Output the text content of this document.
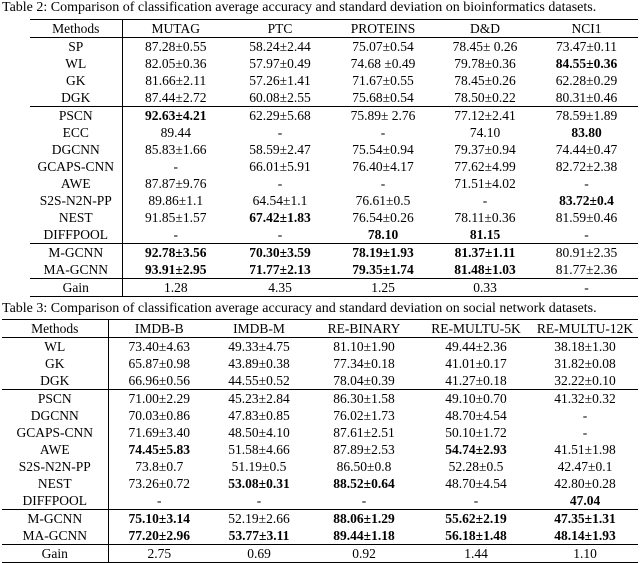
Table 2: Comparison of classification average accuracy and standard deviation on bioinformatics datasets.

Methods	MUTAG	PTC	PROTEINS	D&D	NCI1
SP	87.28±0.55	58.24±2.44	75.07±0.54	78.45± 0.26	73.47±0.11
WL	82.05±0.36	57.97±0.49	74.68 ±0.49	79.78±0.36	84.55±0.36
GK	81.66±2.11	57.26±1.41	71.67±0.55	78.45±0.26	62.28±0.29
DGK	87.44±2.72	60.08±2.55	75.68±0.54	78.50±0.22	80.31±0.46
PSCN	92.63±4.21	62.29±5.68	75.89± 2.76	77.12±2.41	78.59±1.89
ECC	89.44	-	-	74.10	83.80
DGCNN	85.83±1.66	58.59±2.47	75.54±0.94	79.37±0.94	74.44±0.47
GCAPS-CNN	-	66.01±5.91	76.40±4.17	77.62±4.99	82.72±2.38
AWE	87.87±9.76	-	-	71.51±4.02	-
S2S-N2N-PP	89.86±1.1	64.54±1.1	76.61±0.5	-	83.72±0.4
NEST	91.85±1.57	67.42±1.83	76.54±0.26	78.11±0.36	81.59±0.46
DIFFPOOL	-	-	78.10	81.15	-
M-GCNN	92.78±3.56	70.30±3.59	78.19±1.93	81.37±1.11	80.91±2.35
MA-GCNN	93.91±2.95	71.77±2.13	79.35±1.74	81.48±1.03	81.77±2.36
Gain	1.28	4.35	1.25	0.33	-

Table 3: Comparison of classification average accuracy and standard deviation on social network datasets.

Methods	IMDB-B	IMDB-M	RE-BINARY	RE-MULTU-5K	RE-MULTU-12K
WL	73.40±4.63	49.33±4.75	81.10±1.90	49.44±2.36	38.18±1.30
GK	65.87±0.98	43.89±0.38	77.34±0.18	41.01±0.17	31.82±0.08
DGK	66.96±0.56	44.55±0.52	78.04±0.39	41.27±0.18	32.22±0.10
PSCN	71.00±2.29	45.23±2.84	86.30±1.58	49.10±0.70	41.32±0.32
DGCNN	70.03±0.86	47.83±0.85	76.02±1.73	48.70±4.54	-
GCAPS-CNN	71.69±3.40	48.50±4.10	87.61±2.51	50.10±1.72	-
AWE	74.45±5.83	51.58±4.66	87.89±2.53	54.74±2.93	41.51±1.98
S2S-N2N-PP	73.8±0.7	51.19±0.5	86.50±0.8	52.28±0.5	42.47±0.1
NEST	73.26±0.72	53.08±0.31	88.52±0.64	48.70±4.54	42.80±0.28
DIFFPOOL	-	-	-	-	47.04
M-GCNN	75.10±3.14	52.19±2.66	88.06±1.29	55.62±2.19	47.35±1.31
MA-GCNN	77.20±2.96	53.77±3.11	89.44±1.18	56.18±1.48	48.14±1.93
Gain	2.75	0.69	0.92	1.44	1.10
